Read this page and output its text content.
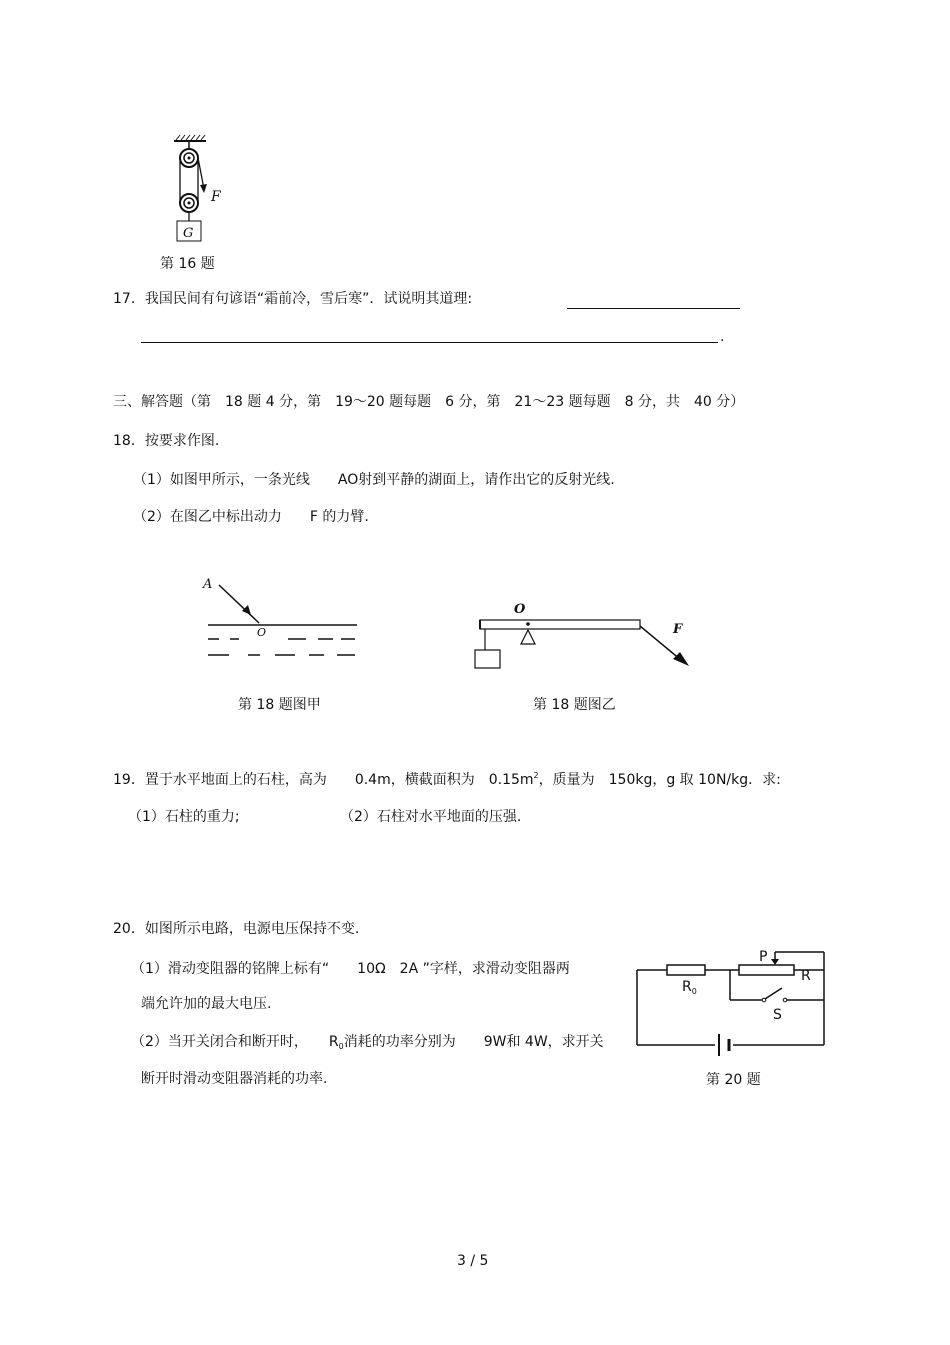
F
G
第 16 题
17．我国民间有句谚语“霜前冷，雪后寒”．试说明其道理:
.
三、解答题（第　18 题 4 分，第　19～20 题每题　6 分，第　21～23 题每题　8 分，共　40 分）
18．按要求作图.
（1）如图甲所示，一条光线　　AO射到平静的湖面上，请作出它的反射光线.
（2）在图乙中标出动力　　F 的力臂.
A
O
第 18 题图甲
O
F
第 18 题图乙
19．置于水平地面上的石柱，高为　　0.4m，横截面积为　$0.15m^2$，质量为　150kg，g 取 10N/kg．求:
（1）石柱的重力;	（2）石柱对水平地面的压强.
20．如图所示电路，电源电压保持不变.
（1）滑动变阻器的铭牌上标有“　　10Ω　2A ”字样，求滑动变阻器两
端允许加的最大电压.
（2）当开关闭合和断开时，　　$R_0$消耗的功率分别为　　9W和 4W，求开关
断开时滑动变阻器消耗的功率.
P
R
$R_0$
S
第 20 题
3 / 5
